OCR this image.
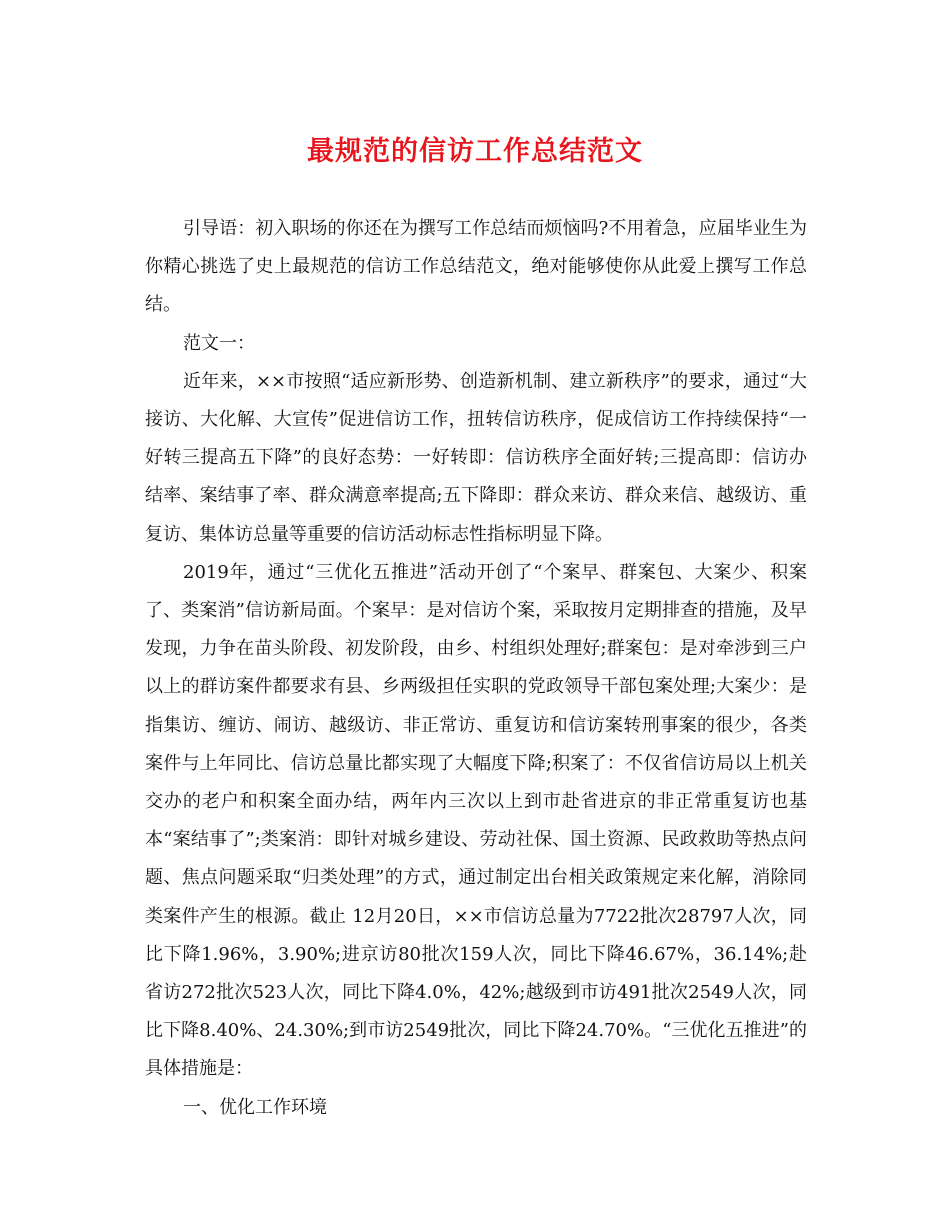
最规范的信访工作总结范文

引导语：初入职场的你还在为撰写工作总结而烦恼吗?不用着急，应届毕业生为你精心挑选了史上最规范的信访工作总结范文，绝对能够使你从此爱上撰写工作总结。

范文一：

近年来，××市按照“适应新形势、创造新机制、建立新秩序”的要求，通过“大接访、大化解、大宣传”促进信访工作，扭转信访秩序，促成信访工作持续保持“一好转三提高五下降”的良好态势：一好转即：信访秩序全面好转;三提高即：信访办结率、案结事了率、群众满意率提高;五下降即：群众来访、群众来信、越级访、重复访、集体访总量等重要的信访活动标志性指标明显下降。

2019年，通过“三优化五推进”活动开创了“个案早、群案包、大案少、积案了、类案消”信访新局面。个案早：是对信访个案，采取按月定期排查的措施，及早发现，力争在苗头阶段、初发阶段，由乡、村组织处理好;群案包：是对牵涉到三户以上的群访案件都要求有县、乡两级担任实职的党政领导干部包案处理;大案少：是指集访、缠访、闹访、越级访、非正常访、重复访和信访案转刑事案的很少，各类案件与上年同比、信访总量比都实现了大幅度下降;积案了：不仅省信访局以上机关交办的老户和积案全面办结，两年内三次以上到市赴省进京的非正常重复访也基本“案结事了”;类案消：即针对城乡建设、劳动社保、国土资源、民政救助等热点问题、焦点问题采取“归类处理”的方式，通过制定出台相关政策规定来化解，消除同类案件产生的根源。截止 12月20日，××市信访总量为7722批次28797人次，同比下降1.96%，3.90%;进京访80批次159人次，同比下降46.67%，36.14%;赴省访272批次523人次，同比下降4.0%，42%;越级到市访491批次2549人次，同比下降8.40%、24.30%;到市访2549批次，同比下降24.70%。“三优化五推进”的具体措施是：

一、优化工作环境
